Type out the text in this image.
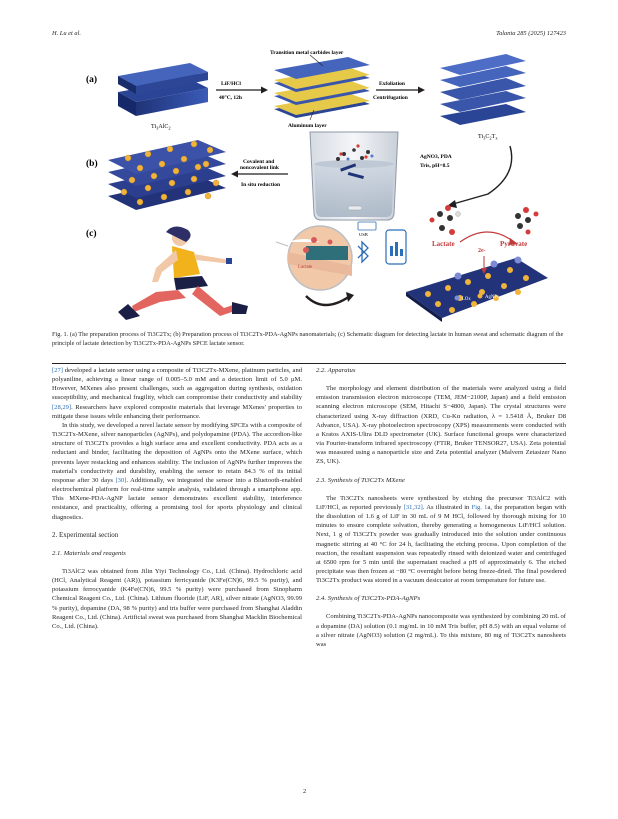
H. Lu et al.	Talanta 285 (2025) 127423
(a)
(b)
(c)
$Ti_3AlC_2$
LiF/HCl
40°C, 12h
Transition metal carbides layer
Aluminum layer
Exfoliation
Centrifugation
$Ti_3C_2T_x$
AgNO3, PDA
Tris, pH=8.5
Covalent and
noncovalent link
In situ reduction
Lactate
USB
Lactate	Pyruvate
2e-
LOx	AgNPs
Fig. 1. (a) The preparation process of Ti3C2Tx; (b) Preparation process of Ti3C2Tx-PDA-AgNPs nanomaterials; (c) Schematic diagram for detecting lactate in human sweat and schematic diagram of the principle of lactate detection by Ti3C2Tx-PDA-AgNPs SPCE lactate sensor.

[27] developed a lactate sensor using a composite of Ti3C2Tx-MXene, platinum particles, and polyaniline, achieving a linear range of 0.005–5.0 mM and a detection limit of 5.0 μM. However, MXenes also present challenges, such as aggregation during synthesis, oxidation susceptibility, and mechanical fragility, which can compromise their conductivity and stability [28,29]. Researchers have explored composite materials that leverage MXenes' properties to mitigate these issues while enhancing their performance.

In this study, we developed a novel lactate sensor by modifying SPCEs with a composite of Ti3C2Tx-MXene, silver nanoparticles (AgNPs), and polydopamine (PDA). The accordion-like structure of Ti3C2Tx provides a high surface area and excellent conductivity. PDA acts as a reductant and binder, facilitating the deposition of AgNPs onto the MXene surface, which prevents layer restacking and enhances stability. The inclusion of AgNPs further improves the material's conductivity and durability, enabling the sensor to retain 84.3 % of its initial response after 30 days [30]. Additionally, we integrated the sensor into a Bluetooth-enabled electrochemical platform for real-time sample analysis, validated through a smartphone app. This MXene-PDA-AgNP lactate sensor demonstrates excellent stability, interference resistance, and practicality, offering a promising tool for sports physiology and clinical diagnostics.

2. Experimental section

2.1. Materials and reagents

Ti3AlC2 was obtained from Jilin Yiyi Technology Co., Ltd. (China). Hydrochloric acid (HCl, Analytical Reagent (AR)), potassium ferricyanide (K3Fe(CN)6, 99.5 % purity), and potassium ferrocyanide (K4Fe(CN)6, 99.5 % purity) were purchased from Sinopharm Chemical Reagent Co., Ltd. (China). Lithium fluoride (LiF, AR), silver nitrate (AgNO3, 99.99 % purity), dopamine (DA, 98 % purity) and tris buffer were purchased from Shanghai Aladdin Reagent Co., Ltd. (China). Artificial sweat was purchased from Shanghai Macklin Biochemical Co., Ltd. (China).

2.2. Apparatus

The morphology and element distribution of the materials were analyzed using a field emission transmission electron microscope (TEM, JEM−2100P, Japan) and a field emission scanning electron microscope (SEM, Hitachi S−4800, Japan). The crystal structures were characterized using X-ray diffraction (XRD, Cu-Kα radiation, λ = 1.5418 Å, Bruker D8 Advance, USA). X-ray photoelectron spectroscopy (XPS) measurements were conducted with a Kratos AXIS-Ultra DLD spectrometer (UK). Surface functional groups were characterized via Fourier-transform infrared spectroscopy (FTIR, Bruker TENSOR27, USA). Zeta potential was measured using a nanoparticle size and Zeta potential analyzer (Malvern Zetasizer Nano ZS, UK).

2.3. Synthesis of Ti3C2Tx MXene

The Ti3C2Tx nanosheets were synthesized by etching the precursor Ti3AlC2 with LiF/HCl, as reported previously [31,32]. As illustrated in Fig. 1a, the preparation began with the dissolution of 1.6 g of LiF in 30 mL of 9 M HCl, followed by thorough mixing for 10 minutes to ensure complete solvation, thereby generating a homogeneous LiF/HCl solution. Next, 1 g of Ti3C2Tx powder was gradually introduced into the solution under continuous magnetic stirring at 40 °C for 24 h, facilitating the etching process. Upon completion of the reaction, the resultant suspension was repeatedly rinsed with deionized water and centrifuged at 6500 rpm for 5 min until the supernatant reached a pH of approximately 6. The etched precipitate was then frozen at −80 °C overnight before being freeze-dried. The final powdered Ti3C2Tx product was stored in a vacuum desiccator at room temperature for future use.

2.4. Synthesis of Ti3C2Tx-PDA-AgNPs

Combining Ti3C2Tx-PDA-AgNPs nanocomposite was synthesized by combining 20 mL of a dopamine (DA) solution (0.1 mg/mL in 10 mM Tris buffer, pH 8.5) with an equal volume of a silver nitrate (AgNO3) solution (2 mg/mL). To this mixture, 80 mg of Ti3C2Tx nanosheets was

2
